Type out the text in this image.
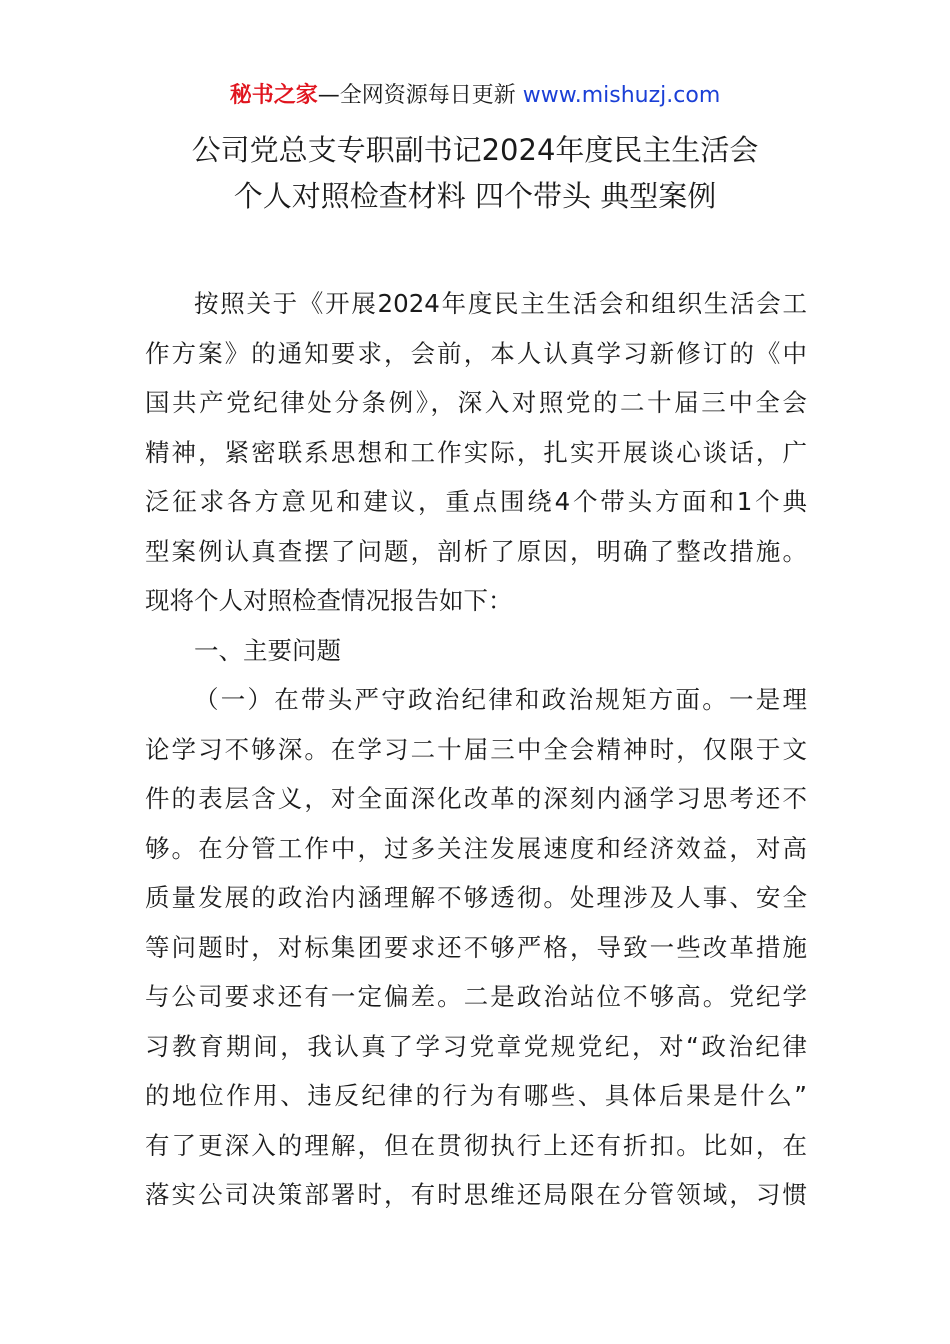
秘书之家—全网资源每日更新 www.mishuzj.com
公司党总支专职副书记2024年度民主生活会
个人对照检查材料 四个带头 典型案例
按照关于《开展2024年度民主生活会和组织生活会工
作方案》的通知要求，会前，本人认真学习新修订的《中
国共产党纪律处分条例》，深入对照党的二十届三中全会
精神，紧密联系思想和工作实际，扎实开展谈心谈话，广
泛征求各方意见和建议，重点围绕4个带头方面和1个典
型案例认真查摆了问题，剖析了原因，明确了整改措施。
现将个人对照检查情况报告如下：
一、主要问题
（一）在带头严守政治纪律和政治规矩方面。一是理
论学习不够深。在学习二十届三中全会精神时，仅限于文
件的表层含义，对全面深化改革的深刻内涵学习思考还不
够。在分管工作中，过多关注发展速度和经济效益，对高
质量发展的政治内涵理解不够透彻。处理涉及人事、安全
等问题时，对标集团要求还不够严格，导致一些改革措施
与公司要求还有一定偏差。二是政治站位不够高。党纪学
习教育期间，我认真了学习党章党规党纪，对“政治纪律
的地位作用、违反纪律的行为有哪些、具体后果是什么”
有了更深入的理解，但在贯彻执行上还有折扣。比如，在
落实公司决策部署时，有时思维还局限在分管领域，习惯
